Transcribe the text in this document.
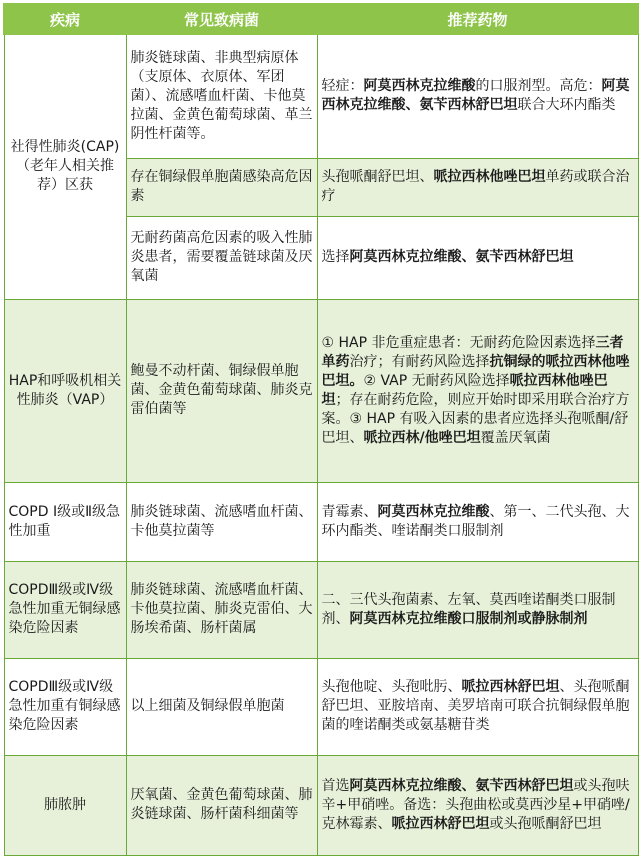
疾病	常见致病菌	推荐药物
社得性肺炎(CAP)（老年人相关推荐）区获	肺炎链球菌、非典型病原体（支原体、衣原体、军团菌）、流感嗜血杆菌、卡他莫拉菌、金黄色葡萄球菌、革兰阴性杆菌等。	轻症：阿莫西林克拉维酸的口服剂型。高危：阿莫西林克拉维酸、氨苄西林舒巴坦联合大环内酯类
	存在铜绿假单胞菌感染高危因素	头孢哌酮舒巴坦、哌拉西林他唑巴坦单药或联合治疗
	无耐药菌高危因素的吸入性肺炎患者，需要覆盖链球菌及厌氧菌	选择阿莫西林克拉维酸、氨苄西林舒巴坦
HAP和呼吸机相关性肺炎（VAP）	鲍曼不动杆菌、铜绿假单胞菌、金黄色葡萄球菌、肺炎克雷伯菌等	① HAP 非危重症患者：无耐药危险因素选择三者单药治疗；有耐药风险选择抗铜绿的哌拉西林他唑巴坦。② VAP 无耐药风险选择哌拉西林他唑巴坦；存在耐药危险，则应开始时即采用联合治疗方案。③ HAP 有吸入因素的患者应选择头孢哌酮/舒巴坦、哌拉西林/他唑巴坦覆盖厌氧菌
COPD Ⅰ级或Ⅱ级急性加重	肺炎链球菌、流感嗜血杆菌、卡他莫拉菌等	青霉素、阿莫西林克拉维酸、第一、二代头孢、大环内酯类、喹诺酮类口服制剂
COPDⅢ级或Ⅳ级急性加重无铜绿感染危险因素	肺炎链球菌、流感嗜血杆菌、卡他莫拉菌、肺炎克雷伯、大肠埃希菌、肠杆菌属	二、三代头孢菌素、左氧、莫西喹诺酮类口服制剂、阿莫西林克拉维酸口服制剂或静脉制剂
COPDⅢ级或Ⅳ级急性加重有铜绿感染危险因素	以上细菌及铜绿假单胞菌	头孢他啶、头孢吡肟、哌拉西林舒巴坦、头孢哌酮舒巴坦、亚胺培南、美罗培南可联合抗铜绿假单胞菌的喹诺酮类或氨基糖苷类
肺脓肿	厌氧菌、金黄色葡萄球菌、肺炎链球菌、肠杆菌科细菌等	首选阿莫西林克拉维酸、氨苄西林舒巴坦或头孢呋辛+甲硝唑。备选：头孢曲松或莫西沙星+甲硝唑/克林霉素、哌拉西林舒巴坦或头孢哌酮舒巴坦
